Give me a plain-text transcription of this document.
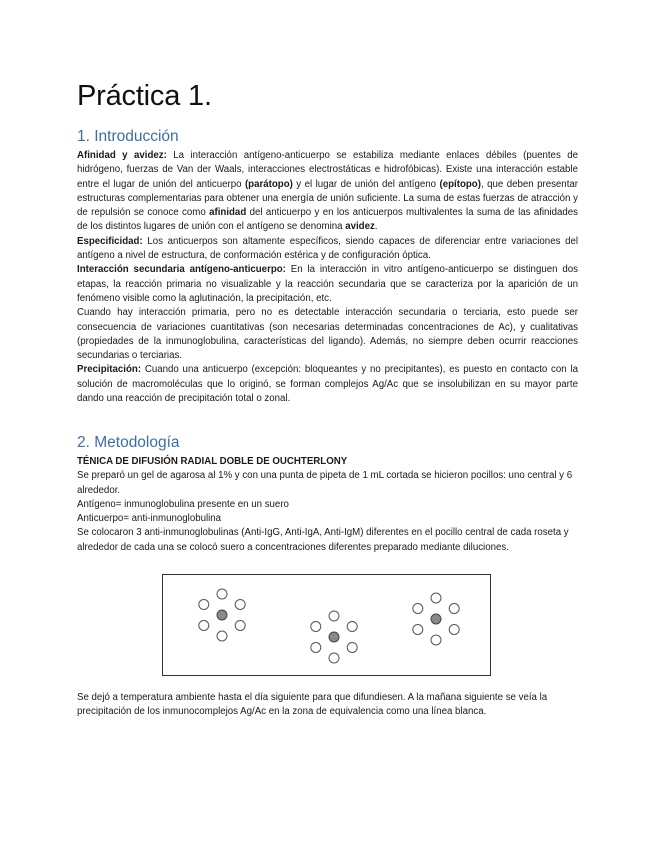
Práctica 1.
1. Introducción

Afinidad y avidez: La interacción antígeno-anticuerpo se estabiliza mediante enlaces débiles (puentes de hidrógeno, fuerzas de Van der Waals, interacciones electrostáticas e hidrofóbicas). Existe una interacción estable entre el lugar de unión del anticuerpo (parátopo) y el lugar de unión del antígeno (epítopo), que deben presentar estructuras complementarias para obtener una energía de unión suficiente. La suma de estas fuerzas de atracción y de repulsión se conoce como afinidad del anticuerpo y en los anticuerpos multivalentes la suma de las afinidades de los distintos lugares de unión con el antígeno se denomina avidez.

Especificidad: Los anticuerpos son altamente específicos, siendo capaces de diferenciar entre variaciones del antígeno a nivel de estructura, de conformación estérica y de configuración óptica.

Interacción secundaria antígeno-anticuerpo: En la interacción in vitro antígeno-anticuerpo se distinguen dos etapas, la reacción primaria no visualizable y la reacción secundaria que se caracteriza por la aparición de un fenómeno visible como la aglutinación, la precipitación, etc.

Cuando hay interacción primaria, pero no es detectable interacción secundaria o terciaria, esto puede ser consecuencia de variaciones cuantitativas (son necesarias determinadas concentraciones de Ac), y cualitativas (propiedades de la inmunoglobulina, características del ligando). Además, no siempre deben ocurrir reacciones secundarias o terciarias.

Precipitación: Cuando una anticuerpo (excepción: bloqueantes y no precipitantes), es puesto en contacto con la solución de macromoléculas que lo originó, se forman complejos Ag/Ac que se insolubilizan en su mayor parte dando una reacción de precipitación total o zonal.

2. Metodología

TÉNICA DE DIFUSIÓN RADIAL DOBLE DE OUCHTERLONY

Se preparó un gel de agarosa al 1% y con una punta de pipeta de 1 mL cortada se hicieron pocillos: uno central y 6 alrededor.

Antígeno= inmunoglobulina presente en un suero

Anticuerpo= anti-inmunoglobulina

Se colocaron 3 anti-inmunoglobulinas (Anti-IgG, Anti-IgA, Anti-IgM) diferentes en el pocillo central de cada roseta y alrededor de cada una se colocó suero a concentraciones diferentes preparado mediante diluciones.

Se dejó a temperatura ambiente hasta el día siguiente para que difundiesen. A la mañana siguiente se veía la precipitación de los inmunocomplejos Ag/Ac en la zona de equivalencia como una línea blanca.
